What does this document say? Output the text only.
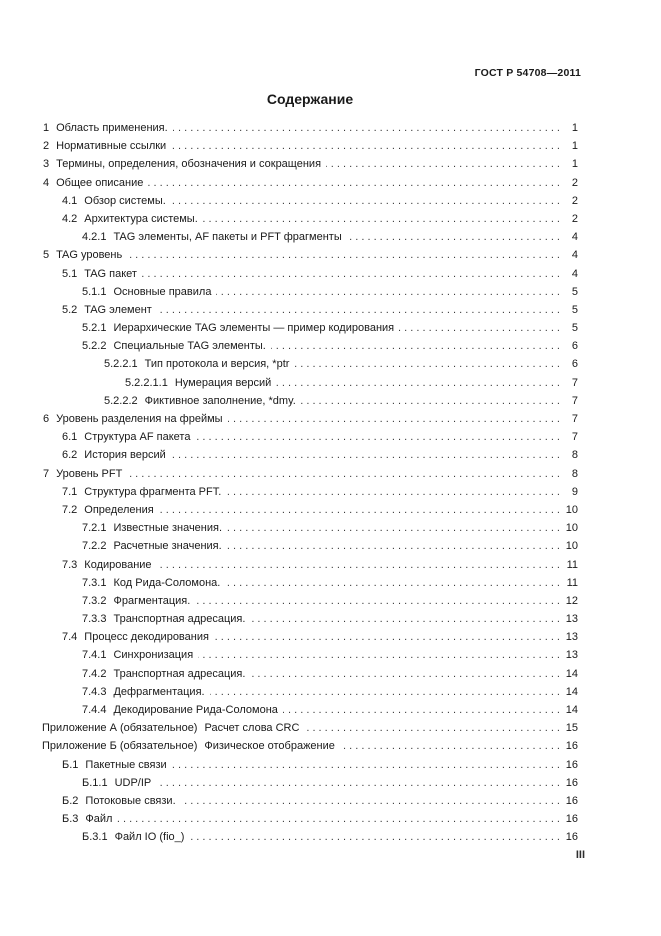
ГОСТ Р 54708—2011
Содержание
1 Область применения. . .	1
2 Нормативные ссылки . .	1
3 Термины, определения, обозначения и сокращения . .	1
4 Общее описание . .	2
4.1 Обзор системы. . .	2
4.2 Архитектура системы. . .	2
4.2.1 TAG элементы, AF пакеты и PFT фрагменты . .	4
5 TAG уровень . .	4
5.1 TAG пакет . .	4
5.1.1 Основные правила . .	5
5.2 TAG элемент . .	5
5.2.1 Иерархические TAG элементы — пример кодирования . .	5
5.2.2 Специальные TAG элементы. . .	6
5.2.2.1 Тип протокола и версия, *ptr . .	6
5.2.2.1.1 Нумерация версий . .	7
5.2.2.2 Фиктивное заполнение, *dmy. . .	7
6 Уровень разделения на фреймы . .	7
6.1 Структура AF пакета . .	7
6.2 История версий . .	8
7 Уровень PFT . .	8
7.1 Структура фрагмента PFT. . .	9
7.2 Определения . .	10
7.2.1 Известные значения. . .	10
7.2.2 Расчетные значения. . .	10
7.3 Кодирование . .	11
7.3.1 Код Рида-Соломона. . .	11
7.3.2 Фрагментация. . .	12
7.3.3 Транспортная адресация. . .	13
7.4 Процесс декодирования . .	13
7.4.1 Синхронизация . .	13
7.4.2 Транспортная адресация. . .	14
7.4.3 Дефрагментация. . .	14
7.4.4 Декодирование Рида-Соломона . .	14
Приложение А (обязательное) Расчет слова CRC . .	15
Приложение Б (обязательное) Физическое отображение . .	16
Б.1 Пакетные связи . .	16
Б.1.1 UDP/IP . .	16
Б.2 Потоковые связи. . .	16
Б.3 Файл . .	16
Б.3.1 Файл IO (fio_) . .	16
III
